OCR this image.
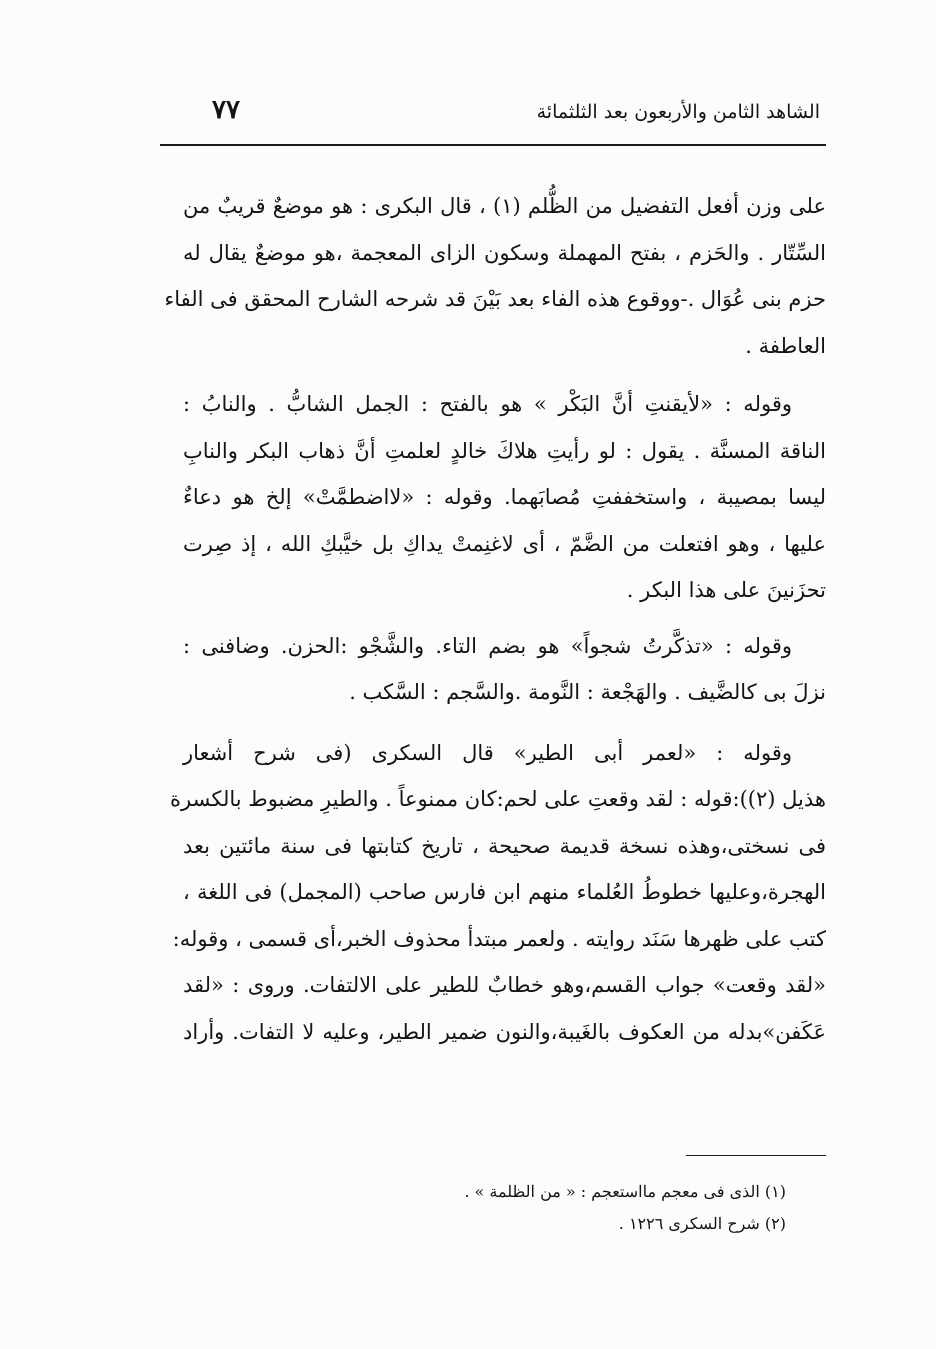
الشاهد الثامن والأربعون بعد الثلثمائة
٧٧
على وزن أفعل التفضيل من الظُّلم (١) ، قال البكرى : هو موضعٌ قريبٌ من
السِّتّار . والحَزم ، بفتح المهملة وسكون الزاى المعجمة ،هو موضعٌ يقال له
حزم بنى عُوَال .-ووقوع هذه الفاء بعد بَيْنَ قد شرحه الشارح المحقق فى الفاء
العاطفة .
وقوله : «لأيقنتِ أنَّ البَكْر » هو بالفتح : الجمل الشابُّ . والنابُ :
الناقة المسنَّة . يقول : لو رأيتِ هلاكَ خالدٍ لعلمتِ أنَّ ذهاب البكر والنابِ
ليسا بمصيبة ، واستخففتِ مُصابَهما. وقوله : «لااضطمَّتْ» إلخ هو دعاءٌ
عليها ، وهو افتعلت من الضَّمّ ، أى لاغنِمتْ يداكِ بل خيَّبكِ الله ، إذ صِرت
تحزَنينَ على هذا البكر .
وقوله : «تذكَّرتُ شجواً» هو بضم التاء. والشَّجْو :الحزن. وضافنى :
نزلَ بى كالضَّيف . والهَجْعة : النَّومة .والسَّجم : السَّكب .
وقوله : «لعمر أبى الطير» قال السكرى (فى شرح أشعار
هذيل (٢)):قوله : لقد وقعتِ على لحم:كان ممنوعاً . والطيرِ مضبوط بالكسرة
فى نسختى،وهذه نسخة قديمة صحيحة ، تاريخ كتابتها فى سنة مائتين بعد
الهجرة،وعليها خطوطُ العُلماء منهم ابن فارس صاحب (المجمل) فى اللغة ،
كتب على ظهرها سَنَد روايته . ولعمر مبتدأ محذوف الخبر،أى قسمى ، وقوله:
«لقد وقعت» جواب القسم،وهو خطابٌ للطير على الالتفات. وروى : «لقد
عَكَفن»بدله من العكوف بالغَيبة،والنون ضمير الطير، وعليه لا التفات. وأراد
(١) الذى فى معجم مااستعجم : « من الظلمة » .
(٢) شرح السكرى ١٢٢٦ .
